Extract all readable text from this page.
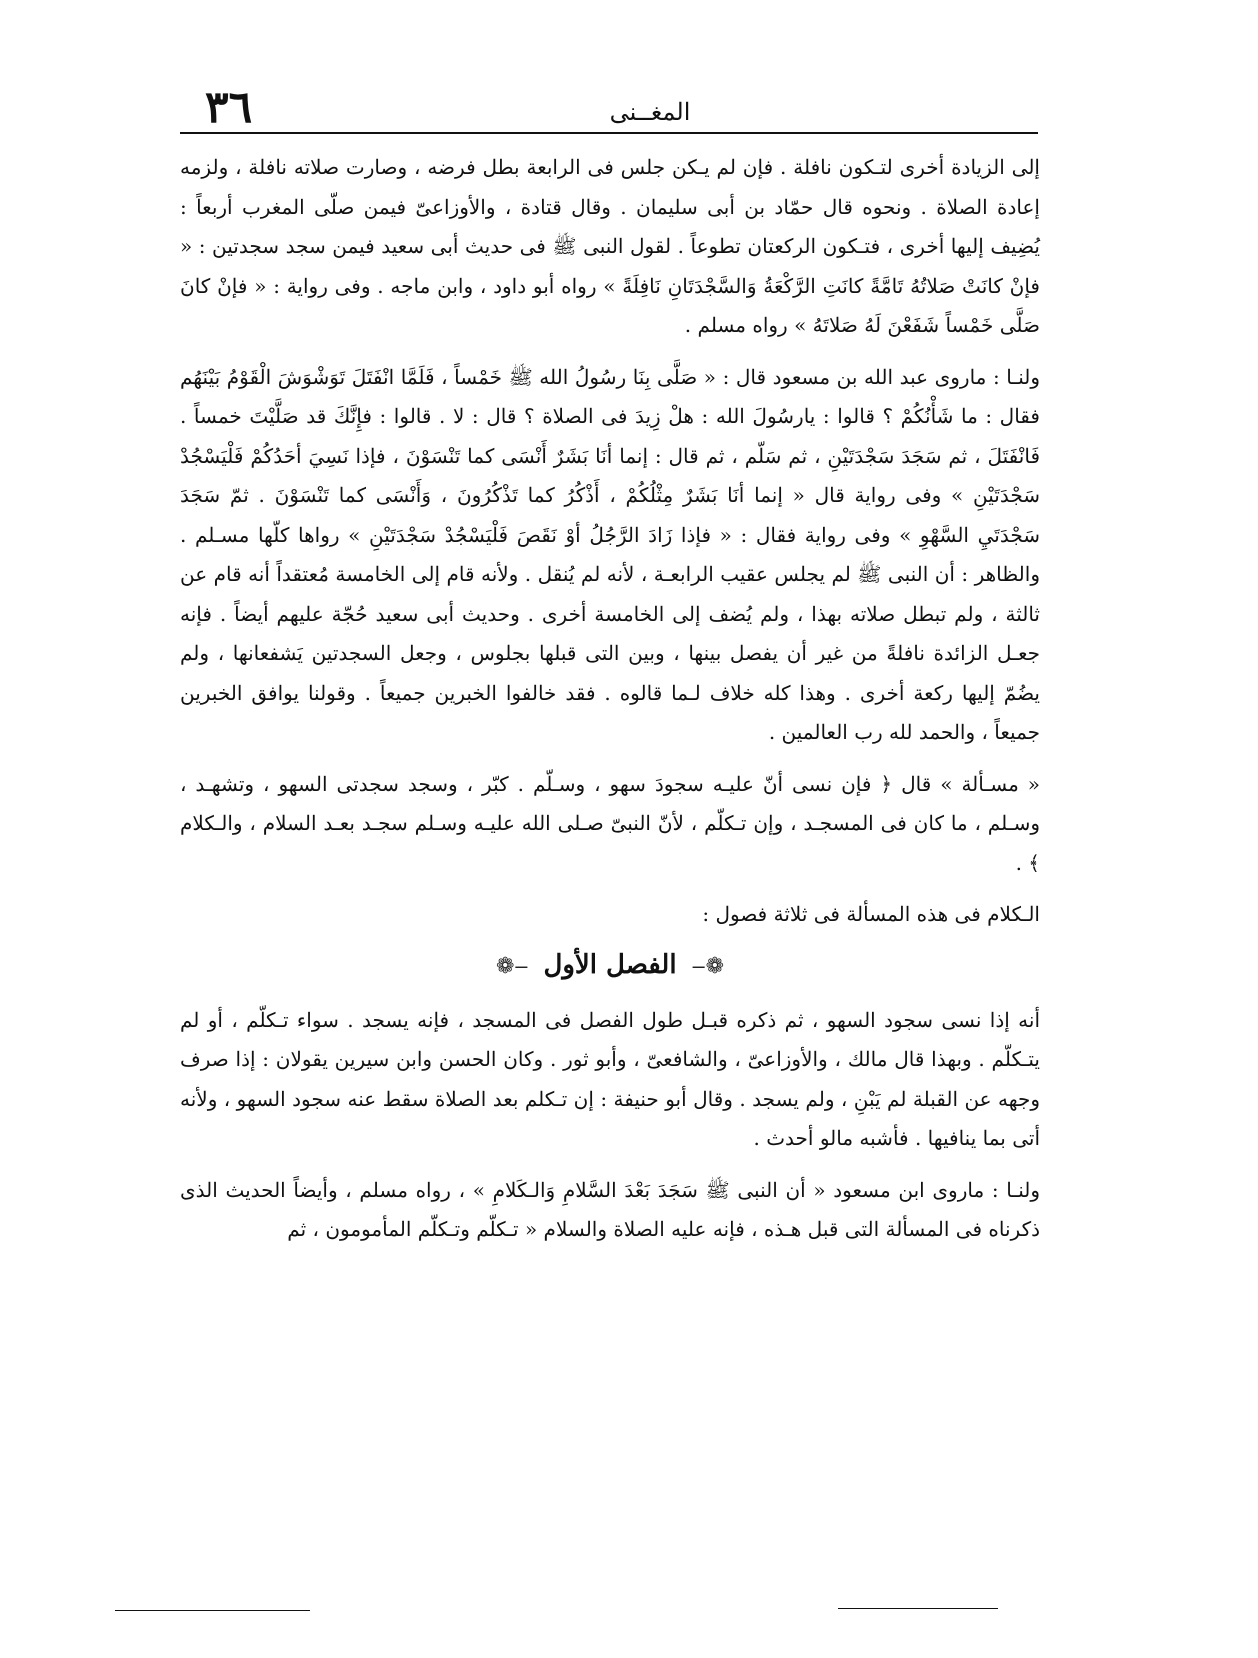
٣٦	المغــنى

إلى الزيادة أخرى لتـكون نافلة . فإن لم يـكن جلس فى الرابعة بطل فرضه ، وصارت صلاته نافلة ، ولزمه إعادة الصلاة . ونحوه قال حمّاد بن أبى سليمان . وقال قتادة ، والأوزاعىّ فيمن صلّى المغرب أربعاً : يُضِيف إليها أخرى ، فتـكون الركعتان تطوعاً . لقول النبى ﷺ فى حديث أبى سعيد فيمن سجد سجدتين : « فإنْ كانَتْ صَلاتُهُ تَامَّةً كانَتِ الرَّكْعَةُ وَالسَّجْدَتَانِ نَافِلَةً » رواه أبو داود ، وابن ماجه . وفى رواية : « فإنْ كانَ صَلَّى خَمْساً شَفَعْنَ لَهُ صَلاتَهُ » رواه مسلم .

ولنـا : ماروى عبد الله بن مسعود قال : « صَلَّى بِنَا رسُولُ الله ﷺ خَمْساً ، فَلَمَّا انْفَتَلَ تَوَشْوَشَ الْقَوْمُ بَيْنَهُم فقال : ما شَأْنُكُمْ ؟ قالوا : يارسُولَ الله : هلْ زِيدَ فى الصلاة ؟ قال : لا . قالوا : فإِنَّكَ قد صَلَّيْتَ خمساً . فَانْفَتَلَ ، ثم سَجَدَ سَجْدَتَيْنِ ، ثم سَلّم ، ثم قال : إنما أنَا بَشَرٌ أَنْسَى كما تَنْسَوْنَ ، فإذا نَسِيَ أحَدُكُمْ فَلْيَسْجُدْ سَجْدَتَيْنِ » وفى رواية قال « إنما أنَا بَشَرٌ مِثْلُكُمْ ، أَذْكُرُ كما تَذْكُرُونَ ، وَأَنْسَى كما تَنْسَوْنَ . ثمّ سَجَدَ سَجْدَتَيِ السَّهْوِ » وفى رواية فقال : « فإذا زَادَ الرَّجُلُ أوْ نَقَصَ فَلْيَسْجُدْ سَجْدَتَيْنِ » رواها كلّها مسـلم . والظاهر : أن النبى ﷺ لم يجلس عقيب الرابعـة ، لأنه لم يُنقل . ولأنه قام إلى الخامسة مُعتقداً أنه قام عن ثالثة ، ولم تبطل صلاته بهذا ، ولم يُضف إلى الخامسة أخرى . وحديث أبى سعيد حُجّة عليهم أيضاً . فإنه جعـل الزائدة نافلةً من غير أن يفصل بينها ، وبين التى قبلها بجلوس ، وجعل السجدتين يَشفعانها ، ولم يضُمّ إليها ركعة أخرى . وهذا كله خلاف لـما قالوه . فقد خالفوا الخبرين جميعاً . وقولنا يوافق الخبرين جميعاً ، والحمد لله رب العالمين .

« مسـألة » قال ﴿ فإن نسى أنّ عليـه سجودَ سهو ، وسـلّم . كبّر ، وسجد سجدتى السهو ، وتشهـد ، وسـلم ، ما كان فى المسجـد ، وإن تـكلّم ، لأنّ النبىّ صـلى الله عليـه وسـلم سجـد بعـد السلام ، والـكلام ﴾ .

الـكلام فى هذه المسألة فى ثلاثة فصول :

❁‒ الفصل الأول ‒❁

أنه إذا نسى سجود السهو ، ثم ذكره قبـل طول الفصل فى المسجد ، فإنه يسجد . سواء تـكلّم ، أو لم يتـكلّم . وبهذا قال مالك ، والأوزاعىّ ، والشافعىّ ، وأبو ثور . وكان الحسن وابن سيرين يقولان : إذا صرف وجهه عن القبلة لم يَبْنِ ، ولم يسجد . وقال أبو حنيفة : إن تـكلم بعد الصلاة سقط عنه سجود السهو ، ولأنه أتى بما ينافيها . فأشبه مالو أحدث .

ولنـا : ماروى ابن مسعود « أن النبى ﷺ سَجَدَ بَعْدَ السَّلامِ وَالـكَلامِ » ، رواه مسلم ، وأيضاً الحديث الذى ذكرناه فى المسألة التى قبل هـذه ، فإنه عليه الصلاة والسلام « تـكلّم وتـكلّم المأمومون ، ثم
